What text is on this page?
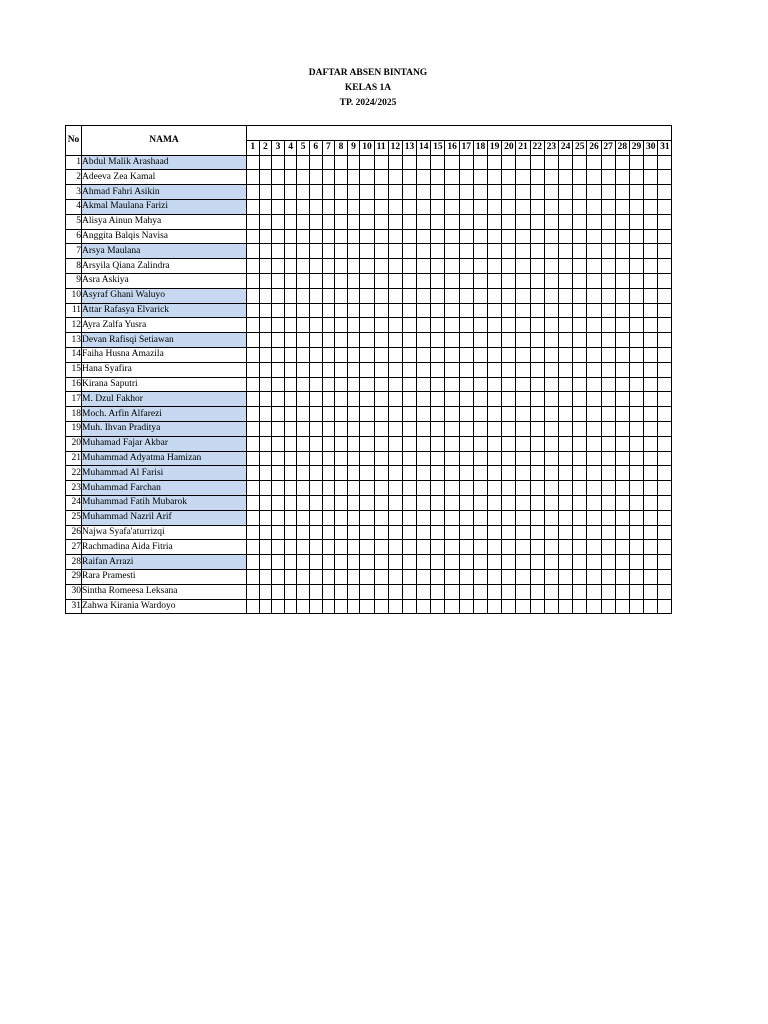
DAFTAR ABSEN BINTANG
KELAS 1A
TP. 2024/2025
No	NAMA																															
		1	2	3	4	5	6	7	8	9	10	11	12	13	14	15	16	17	18	19	20	21	22	23	24	25	26	27	28	29	30	31
1	Abdul Malik Arashaad																															
2	Adeeva Zea Kamal																															
3	Ahmad Fahri Asikin																															
4	Akmal Maulana Farizi																															
5	Alisya Ainun Mahya																															
6	Anggita Balqis Navisa																															
7	Arsya Maulana																															
8	Arsyila Qiana Zalindra																															
9	Asra Askiya																															
10	Asyraf Ghani Waluyo																															
11	Attar Rafasya Elvarick																															
12	Ayra Zalfa Yusra																															
13	Devan Rafisqi Setiawan																															
14	Faiha Husna Amazila																															
15	Hana Syafira																															
16	Kirana Saputri																															
17	M. Dzul Fakhor																															
18	Moch. Arfin Alfarezi																															
19	Muh. Ihvan Praditya																															
20	Muhamad Fajar Akbar																															
21	Muhammad Adyatma Hamizan																															
22	Muhammad Al Farisi																															
23	Muhammad Farchan																															
24	Muhammad Fatih Mubarok																															
25	Muhammad Nazril Arif																															
26	Najwa Syafa'aturrizqi																															
27	Rachmadina Aida Fitria																															
28	Raifan Arrazi																															
29	Rara Pramesti																															
30	Sintha Romeesa Leksana																															
31	Zahwa Kirania Wardoyo																															
